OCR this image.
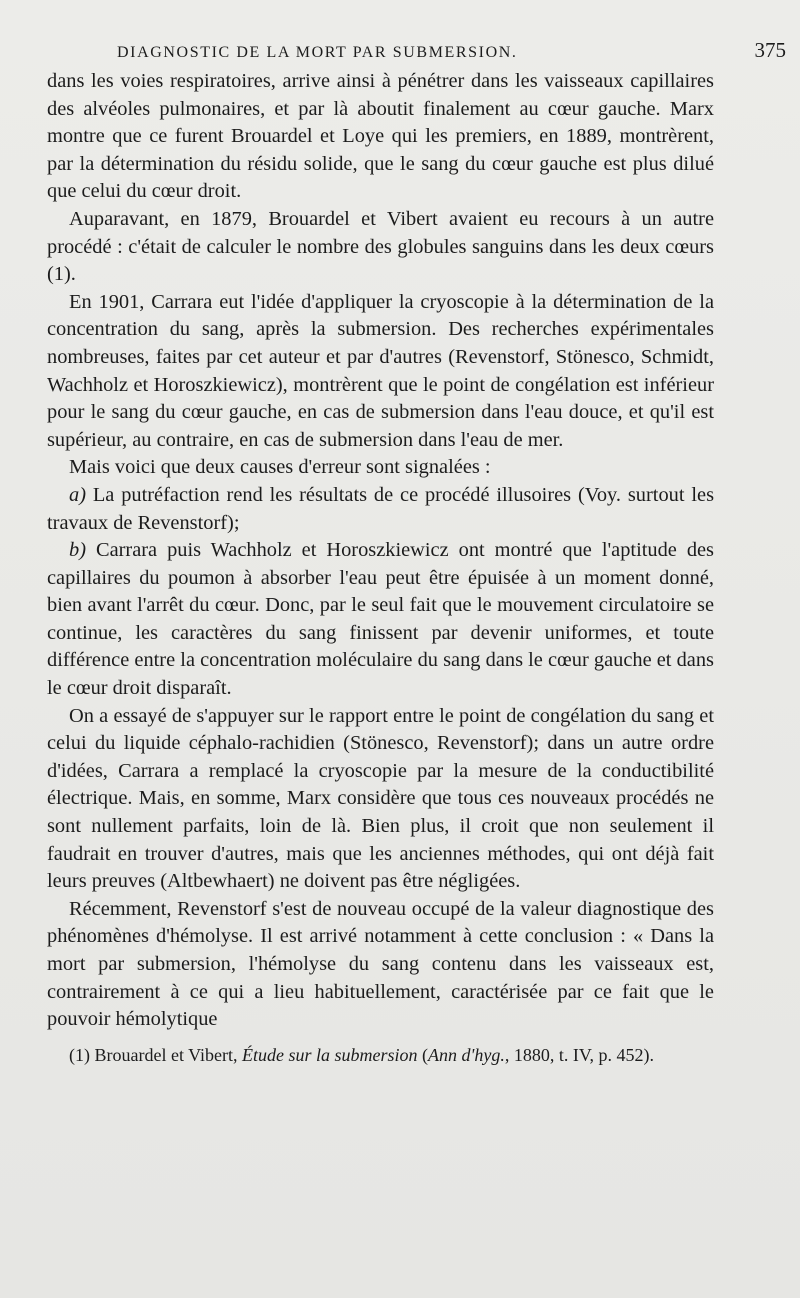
DIAGNOSTIC DE LA MORT PAR SUBMERSION.	375

dans les voies respiratoires, arrive ainsi à pénétrer dans les vaisseaux capillaires des alvéoles pulmonaires, et par là aboutit finalement au cœur gauche. Marx montre que ce furent Brouardel et Loye qui les premiers, en 1889, montrèrent, par la détermination du résidu solide, que le sang du cœur gauche est plus dilué que celui du cœur droit.

Auparavant, en 1879, Brouardel et Vibert avaient eu recours à un autre procédé : c'était de calculer le nombre des globules sanguins dans les deux cœurs (1).

En 1901, Carrara eut l'idée d'appliquer la cryoscopie à la détermination de la concentration du sang, après la submersion. Des recherches expérimentales nombreuses, faites par cet auteur et par d'autres (Revenstorf, Stönesco, Schmidt, Wachholz et Horoszkiewicz), montrèrent que le point de congélation est inférieur pour le sang du cœur gauche, en cas de submersion dans l'eau douce, et qu'il est supérieur, au contraire, en cas de submersion dans l'eau de mer.

Mais voici que deux causes d'erreur sont signalées :

a) La putréfaction rend les résultats de ce procédé illusoires (Voy. surtout les travaux de Revenstorf);

b) Carrara puis Wachholz et Horoszkiewicz ont montré que l'aptitude des capillaires du poumon à absorber l'eau peut être épuisée à un moment donné, bien avant l'arrêt du cœur. Donc, par le seul fait que le mouvement circulatoire se continue, les caractères du sang finissent par devenir uniformes, et toute différence entre la concentration moléculaire du sang dans le cœur gauche et dans le cœur droit disparaît.

On a essayé de s'appuyer sur le rapport entre le point de congélation du sang et celui du liquide céphalo-rachidien (Stönesco, Revenstorf); dans un autre ordre d'idées, Carrara a remplacé la cryoscopie par la mesure de la conductibilité électrique. Mais, en somme, Marx considère que tous ces nouveaux procédés ne sont nullement parfaits, loin de là. Bien plus, il croit que non seulement il faudrait en trouver d'autres, mais que les anciennes méthodes, qui ont déjà fait leurs preuves (Altbewhaert) ne doivent pas être négligées.

Récemment, Revenstorf s'est de nouveau occupé de la valeur diagnostique des phénomènes d'hémolyse. Il est arrivé notamment à cette conclusion : « Dans la mort par submersion, l'hémolyse du sang contenu dans les vaisseaux est, contrairement à ce qui a lieu habituellement, caractérisée par ce fait que le pouvoir hémolytique

(1) Brouardel et Vibert, Étude sur la submersion (Ann d'hyg., 1880, t. IV, p. 452).
